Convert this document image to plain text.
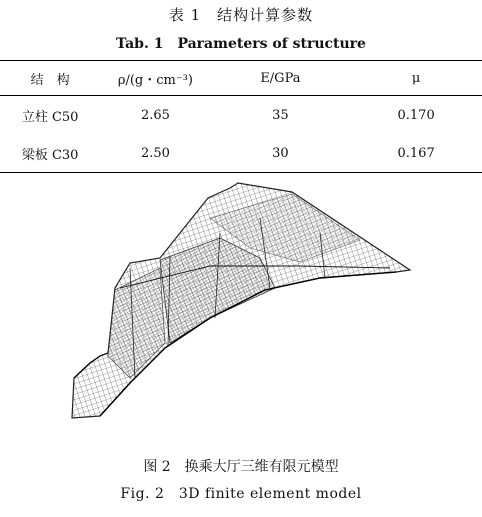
表 1　结构计算参数
Tab. 1　Parameters of structure
结　构	ρ/(g・cm⁻³)	E/GPa	μ
立柱 C50	2.65	35	0.170
梁板 C30	2.50	30	0.167
图 2　换乘大厅三维有限元模型
Fig. 2　3D finite element model
